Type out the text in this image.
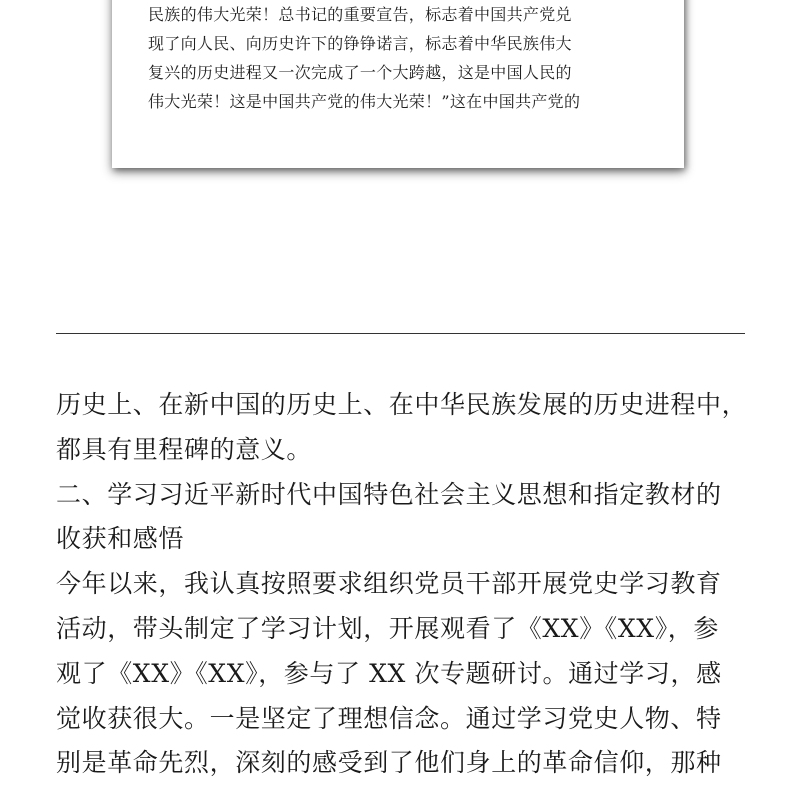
民族的伟大光荣！总书记的重要宣告，标志着中国共产党兑
现了向人民、向历史许下的铮铮诺言，标志着中华民族伟大
复兴的历史进程又一次完成了一个大跨越，这是中国人民的
伟大光荣！这是中国共产党的伟大光荣！”这在中国共产党的
历史上、在新中国的历史上、在中华民族发展的历史进程中，
都具有里程碑的意义。
二、学习习近平新时代中国特色社会主义思想和指定教材的
收获和感悟
今年以来，我认真按照要求组织党员干部开展党史学习教育
活动，带头制定了学习计划，开展观看了《XX》《XX》，参
观了《XX》《XX》，参与了 XX 次专题研讨。通过学习，感
觉收获很大。一是坚定了理想信念。通过学习党史人物、特
别是革命先烈，深刻的感受到了他们身上的革命信仰，那种
